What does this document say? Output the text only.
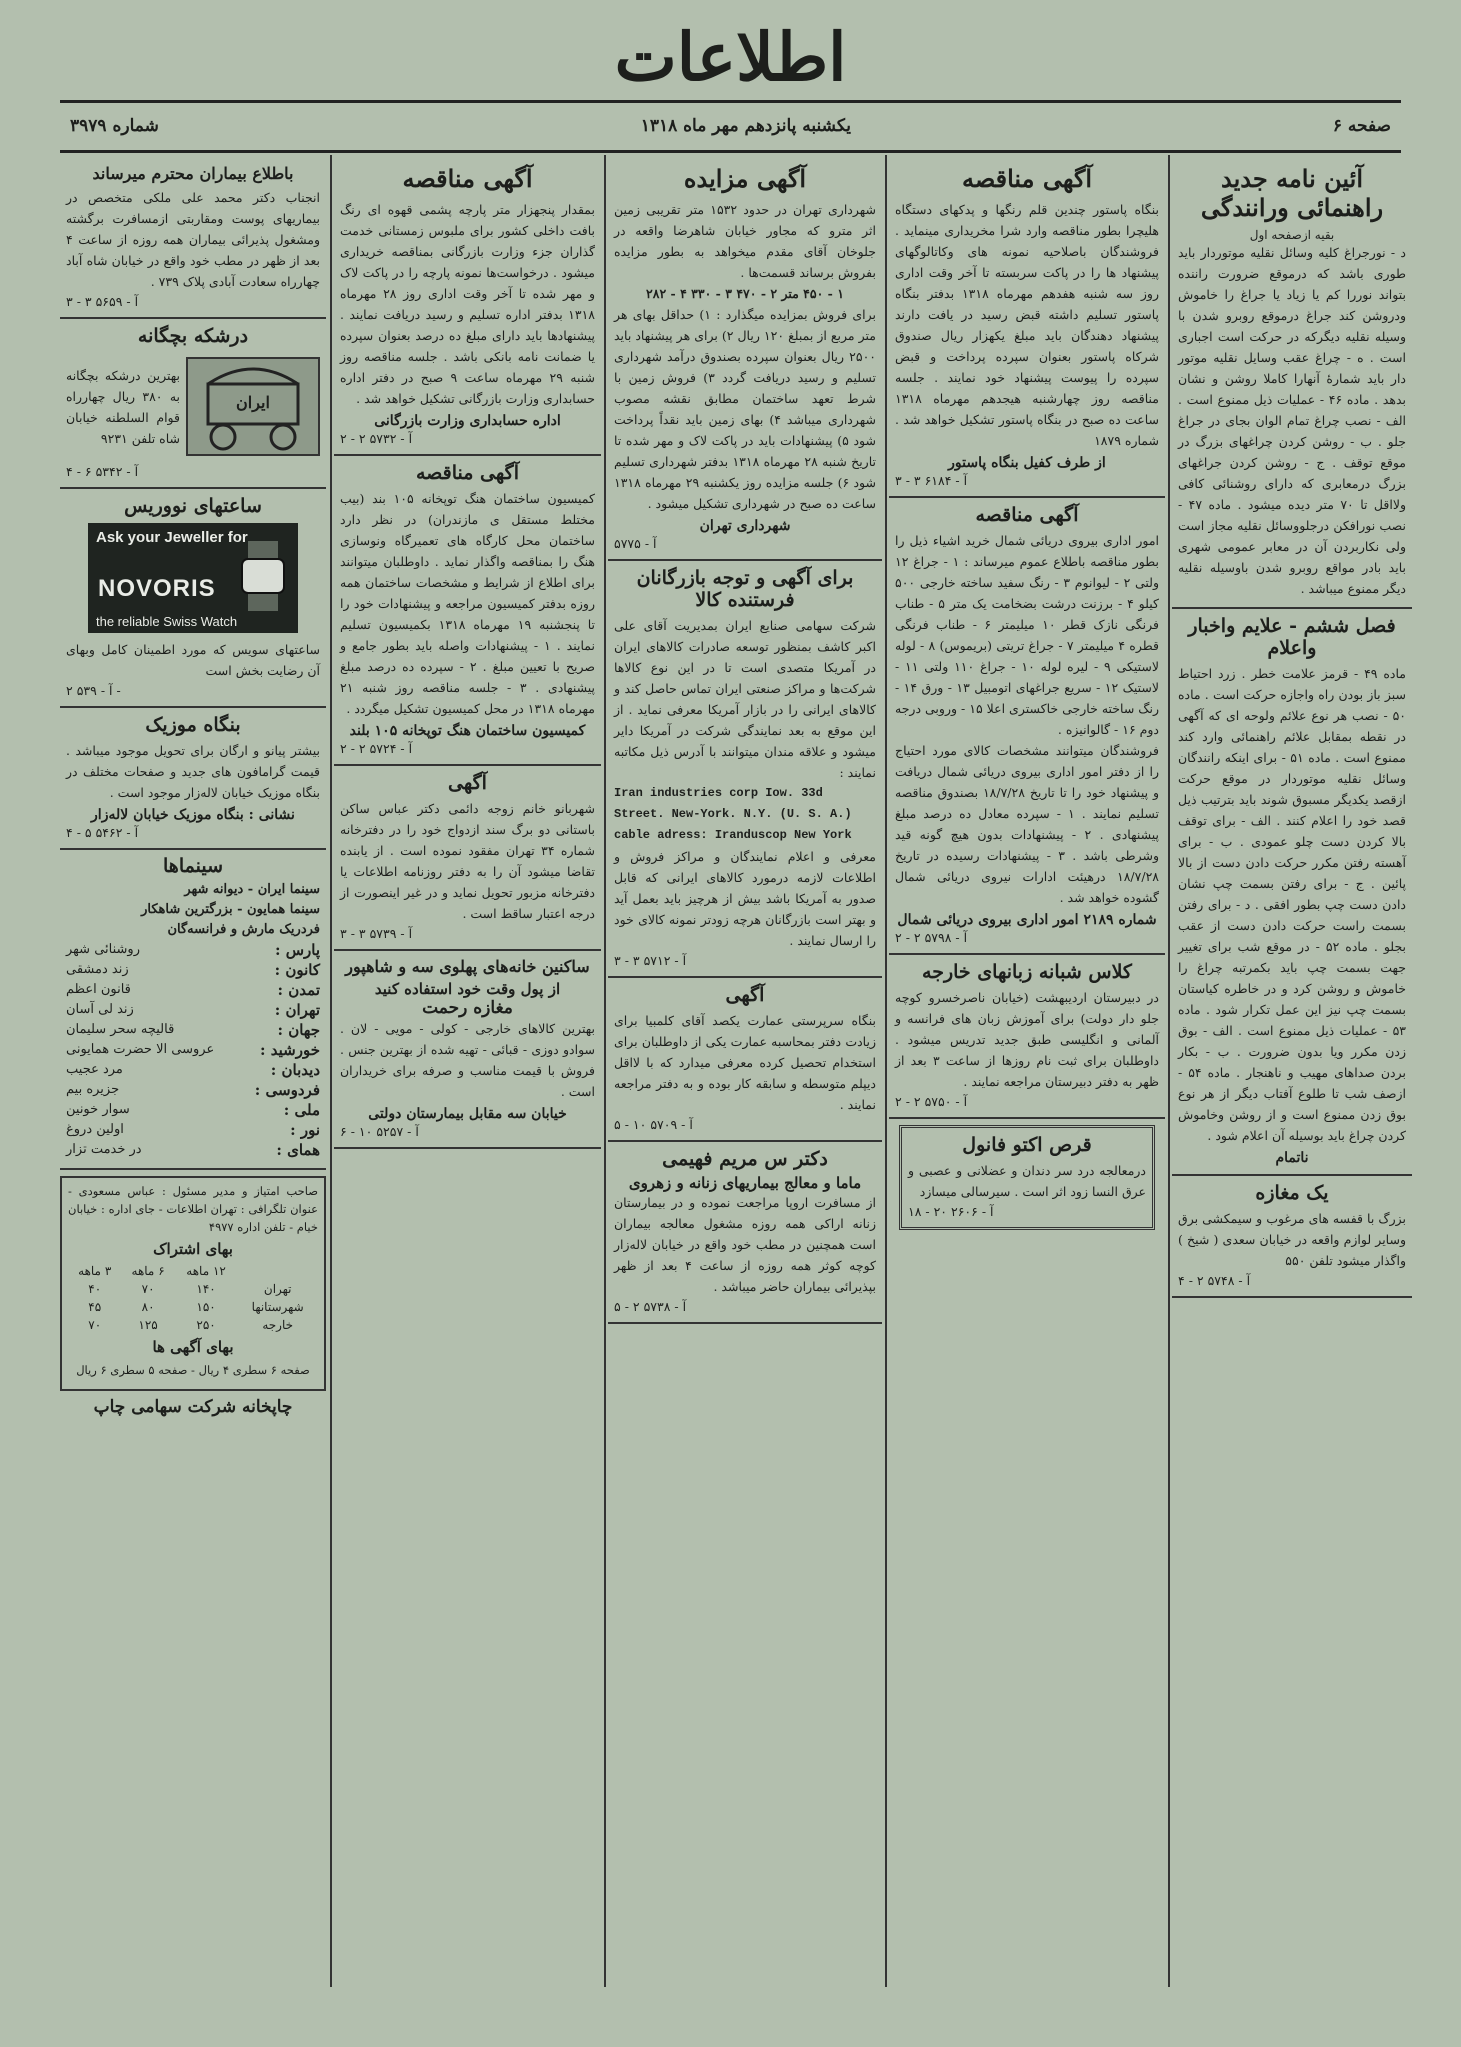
اطلاعات
صفحه ۶
یکشنبه پانزدهم مهر ماه ۱۳۱۸
شماره ۳۹۷۹
آئین نامه جدید راهنمائی ورانندگی
بقیه ازصفحه اول

د - نورجراغ کلیه وسائل نقلیه موتوردار باید طوری باشد که درموقع ضرورت راننده بتواند نوررا کم یا زیاد یا جراغ را خاموش ودروشن کند جراغ درموقع روبرو شدن با وسیله نقلیه دیگرکه در حرکت است اجباری است . ه - چراغ عقب وسایل نقلیه موتور دار باید شمارهٔ آنهارا کاملا روشن و نشان بدهد . ماده ۴۶ - عملیات ذیل ممنوع است . الف - نصب چراغ تمام الوان بجای در جراغ جلو . ب - روشن کردن چراغهای بزرگ در موقع توقف . ج - روشن کردن جراغهای بزرگ درمعابری که دارای روشنائی کافی ولااقل تا ۷۰ متر دیده میشود . ماده ۴۷ - نصب نورافکن درجلووسائل نقلیه مجاز است ولی نکاربردن آن در معابر عمومی شهری باید بادر مواقع روبرو شدن باوسیله نقلیه دیگر ممنوع میباشد .

فصل ششم - علایم واخبار واعلام

ماده ۴۹ - قرمز علامت خطر . زرد احتیاط سبز باز بودن راه واجازه حرکت است . ماده ۵۰ - نصب هر نوع علائم ولوحه ای که آگهی در نقطه بمقابل علائم راهنمائی وارد کند ممنوع است . ماده ۵۱ - برای اینکه رانندگان وسائل نقلیه موتوردار در موقع حرکت ازقصد یکدیگر مسبوق شوند باید بترتیب ذیل قصد خود را اعلام کنند . الف - برای توقف بالا کردن دست چلو عمودی . ب - برای آهسته رفتن مکرر حرکت دادن دست از بالا پائین . ج - برای رفتن بسمت چپ نشان دادن دست چپ بطور افقی . د - برای رفتن بسمت راست حرکت دادن دست از عقب بجلو . ماده ۵۲ - در موقع شب برای تغییر جهت بسمت چپ باید بکمرتبه چراغ را خاموش و روشن کرد و در خاطره کیاستان بسمت چپ نیز این عمل تکرار شود . ماده ۵۳ - عملیات ذیل ممنوع است . الف - بوق زدن مکرر ویا بدون ضرورت . ب - بکار بردن صداهای مهیب و ناهنجار . ماده ۵۴ - ازصف شب تا طلوع آفتاب دیگر از هر نوع بوق زدن ممنوع است و از روشن وخاموش کردن چراغ باید بوسیله آن اعلام شود .

ناتمام
یک مغازه

بزرگ با قفسه های مرغوب و سیمکشی برق وسایر لوازم واقعه در خیابان سعدی ( شیخ ) واگذار میشود تلفن ۵۵۰

آ - ۵۷۴۸ ۲ - ۴
آگهی مناقصه

بنگاه پاستور چندین قلم رنگها و پدکهای دستگاه هلیچرا بطور مناقصه وارد شرا مخریداری مینماید . فروشندگان باصلاحیه نمونه های وکاتالوگهای پیشنهاد ها را در پاکت سربسته تا آخر وقت اداری روز سه شنبه هفدهم مهرماه ۱۳۱۸ بدفتر بنگاه پاستور تسلیم داشته قبض رسید در یافت دارند پیشنهاد دهندگان باید مبلغ یکهزار ریال صندوق شرکاه پاستور بعنوان سپرده پرداخت و قبض سپرده را پیوست پیشنهاد خود نمایند . جلسه مناقصه روز چهارشنبه هیجدهم مهرماه ۱۳۱۸ ساعت ده صبح در بنگاه پاستور تشکیل خواهد شد . شماره ۱۸۷۹

از طرف کفیل بنگاه پاستور
آ - ۶۱۸۴ ۳ - ۳
آگهی مناقصه

امور اداری بیروی دریائی شمال خرید اشیاء ذیل را بطور مناقصه باطلاع عموم میرساند : ۱ - جراغ ۱۲ ولتی ۲ - لیوانوم ۳ - رنگ سفید ساخته خارجی ۵۰۰ کیلو ۴ - برزنت درشت بضخامت یک متر ۵ - طناب فرنگی نازک قطر ۱۰ میلیمتر ۶ - طناب فرنگی قطره ۴ میلیمتر ۷ - جراغ تریتی (بریموس) ۸ - لوله لاستیکی ۹ - لیره لوله ۱۰ - جراغ ۱۱۰ ولتی ۱۱ - لاستیک ۱۲ - سریع جراغهای اتومبیل ۱۳ - ورق ۱۴ - رنگ ساخته خارجی خاکستری اعلا ۱۵ - وروبی درجه دوم ۱۶ - گالوانیزه .

فروشندگان میتوانند مشخصات کالای مورد احتیاج را از دفتر امور اداری بیروی دریائی شمال دریافت و پیشنهاد خود را تا تاریخ ۱۸/۷/۲۸ بصندوق مناقصه تسلیم نمایند . ۱ - سپرده معادل ده درصد مبلغ پیشنهادی . ۲ - پیشنهادات بدون هیچ گونه قید وشرطی باشد . ۳ - پیشنهادات رسیده در تاریخ ۱۸/۷/۲۸ درهیئت ادارات نیروی دریائی شمال گشوده خواهد شد .

شماره ۲۱۸۹ امور اداری بیروی دریائی شمال
آ - ۵۷۹۸ ۲ - ۲
کلاس شبانه زبانهای خارجه

در دبیرستان اردیبهشت (خیابان ناصرخسرو کوچه جلو دار دولت) برای آموزش زبان های فرانسه و آلمانی و انگلیسی طبق جدید تدریس میشود . داوطلبان برای ثبت نام روزها از ساعت ۳ بعد از ظهر به دفتر دبیرستان مراجعه نمایند .

آ - ۵۷۵۰ ۲ - ۲
قرص اکتو فانول

درمعالجه درد سر دندان و عضلانی و عصبی و عرق النسا زود اثر است . سیرسالی میسازد

۱۸ - ۲۰ ۲۶۰۶ - آ
آگهی مزایده

شهرداری تهران در حدود ۱۵۳۲ متر تقریبی زمین اثر مترو که مجاور خیابان شاهرضا واقعه در جلوخان آقای مقدم میخواهد به بطور مزایده بفروش برساند قسمت‌ها .

۱ - ۴۵۰ متر ۲ - ۴۷۰ ۳ - ۳۳۰ ۴ - ۲۸۲

برای فروش بمزایده میگذارد : ۱) حداقل بهای هر متر مربع از بمبلغ ۱۲۰ ریال ۲) برای هر پیشنهاد باید ۲۵۰۰ ریال بعنوان سپرده بصندوق درآمد شهرداری تسلیم و رسید دریافت گردد ۳) فروش زمین با شرط تعهد ساختمان مطابق نقشه مصوب شهرداری میباشد ۴) بهای زمین باید نقداً پرداخت شود ۵) پیشنهادات باید در پاکت لاک و مهر شده تا تاریخ شنبه ۲۸ مهرماه ۱۳۱۸ بدفتر شهرداری تسلیم شود ۶) جلسه مزایده روز یکشنبه ۲۹ مهرماه ۱۳۱۸ ساعت ده صبح در شهرداری تشکیل میشود .

شهرداری تهران
آ - ۵۷۷۵
برای آگهی و توجه بازرگانان فرستنده کالا

شرکت سهامی صنایع ایران بمدیریت آقای علی اکبر کاشف بمنظور توسعه صادرات کالاهای ایران در آمریکا متصدی است تا در این نوع کالاها شرکت‌ها و مراکز صنعتی ایران تماس حاصل کند و کالاهای ایرانی را در بازار آمریکا معرفی نماید . از این موقع به بعد نمایندگی شرکت در آمریکا دایر میشود و علاقه مندان میتوانند با آدرس ذیل مکاتبه نمایند :

Iran industries corp Iow. 33d Street. New-York. N.Y. (U. S. A.) cable adress: Iranduscop New York

معرفی و اعلام نمایندگان و مراکز فروش و اطلاعات لازمه درمورد کالاهای ایرانی که قابل صدور به آمریکا باشد بیش از هرچیز باید بعمل آید و بهتر است بازرگانان هرچه زودتر نمونه کالای خود را ارسال نمایند .

آ - ۵۷۱۲ ۳ - ۳
آگهی

بنگاه سرپرستی عمارت یکصد آقای کلمبیا برای زیادت دفتر بمحاسبه عمارت یکی از داوطلبان برای استخدام تحصیل کرده معرفی میدارد که با لااقل دیپلم متوسطه و سابقه کار بوده و به دفتر مراجعه نمایند .

آ - ۵۷۰۹ ۱۰ - ۵
دکتر س مریم فهیمی
ماما و معالج بیماریهای زنانه و زهروی

از مسافرت اروپا مراجعت نموده و در بیمارستان زنانه اراکی همه روزه مشغول معالجه بیماران است همچنین در مطب خود واقع در خیابان لاله‌زار کوچه کوثر همه روزه از ساعت ۴ بعد از ظهر بپذیرائی بیماران حاضر میباشد .

آ - ۵۷۳۸ ۲ - ۵
آگهی مناقصه

بمقدار پنجهزار متر پارچه پشمی قهوه ای رنگ بافت داخلی کشور برای ملبوس زمستانی خدمت گذاران جزء وزارت بازرگانی بمناقصه خریداری میشود . درخواست‌ها نمونه پارچه را در پاکت لاک و مهر شده تا آخر وقت اداری روز ۲۸ مهرماه ۱۳۱۸ بدفتر اداره تسلیم و رسید دریافت نمایند . پیشنهادها باید دارای مبلغ ده درصد بعنوان سپرده یا ضمانت نامه بانکی باشد . جلسه مناقصه روز شنبه ۲۹ مهرماه ساعت ۹ صبح در دفتر اداره حسابداری وزارت بازرگانی تشکیل خواهد شد .

اداره حسابداری وزارت بازرگانی
آ - ۵۷۳۲ ۲ - ۲
آگهی مناقصه

کمیسیون ساختمان هنگ توپخانه ۱۰۵ بند (بیب مختلط مستقل ی مازندران) در نظر دارد ساختمان محل کارگاه های تعمیرگاه ونوسازی هنگ را بمناقصه واگذار نماید . داوطلبان میتوانند برای اطلاع از شرایط و مشخصات ساختمان همه روزه بدفتر کمیسیون مراجعه و پیشنهادات خود را تا پنجشنبه ۱۹ مهرماه ۱۳۱۸ بکمیسیون تسلیم نمایند . ۱ - پیشنهادات واصله باید بطور جامع و صریح با تعیین مبلغ . ۲ - سپرده ده درصد مبلغ پیشنهادی . ۳ - جلسه مناقصه روز شنبه ۲۱ مهرماه ۱۳۱۸ در محل کمیسیون تشکیل میگردد .

کمیسیون ساختمان هنگ توپخانه ۱۰۵ بلند
آ - ۵۷۲۴ ۲ - ۲
آگهی

شهربانو خانم زوجه دائمی دکتر عباس ساکن باستانی دو برگ سند ازدواج خود را در دفترخانه شماره ۳۴ تهران مفقود نموده است . از یابنده تقاضا میشود آن را به دفتر روزنامه اطلاعات یا دفترخانه مزبور تحویل نماید و در غیر اینصورت از درجه اعتبار ساقط است .

آ - ۵۷۳۹ ۳ - ۳
ساکنین خانه‌های پهلوی سه و شاهپور
از پول وقت خود استفاده کنید
مغازه رحمت

بهترین کالاهای خارجی - کولی - مویی - لان . سوادو دوزی - قبائی - تهیه شده از بهترین جنس . فروش با قیمت مناسب و صرفه برای خریداران است .

خیابان سه مقابل بیمارستان دولتی
آ - ۵۲۵۷ ۱۰ - ۶
باطلاع بیماران محترم میرساند

انجناب دکتر محمد علی ملکی متخصص در بیماریهای پوست ومقاربتی ازمسافرت برگشته ومشغول پذیرائی بیماران همه روزه از ساعت ۴ بعد از ظهر در مطب خود واقع در خیابان شاه آباد چهارراه سعادت آبادی پلاک ۷۳۹ .

آ - ۵۶۵۹ ۳ - ۳
درشکه بچگانه
ایران

بهترین درشکه بچگانه به ۳۸۰ ریال چهارراه قوام السلطنه خیابان شاه تلفن ۹۲۳۱

آ - ۵۳۴۲ ۶ - ۴
ساعتهای نووریس
Ask your Jeweller for
NOVORIS
the reliable Swiss Watch

ساعتهای سویس که مورد اطمینان کامل وبهای آن رضایت بخش است

آ - ۵۳۹ ۲ -
بنگاه موزیک

بیشتر پیانو و ارگان برای تحویل موجود میباشد . قیمت گرامافون های جدید و صفحات مختلف در بنگاه موزیک خیابان لاله‌زار موجود است .

نشانی : بنگاه موزیک خیابان لاله‌زار
آ - ۵۴۶۲ ۵ - ۴
سینماها
سینما ایران - دیوانه شهر
سینما همایون - بزرگترین شاهکار
فردریک مارش و فرانسه‌گان
پارس :
روشنائی شهر
کانون :
زند دمشقی
تمدن :
قانون اعظم
تهران :
زند لی آسان
جهان :
قالیچه سحر سلیمان
خورشید :
عروسی الا حضرت همایونی
دیدبان :
مرد عجیب
فردوسی :
جزیره بیم
ملی :
سوار خونین
نور :
اولین دروغ
همای :
در خدمت تزار

صاحب امتیاز و مدیر مسئول : عباس مسعودی - عنوان تلگرافی : تهران اطلاعات - جای اداره : خیابان خیام - تلفن اداره ۴۹۷۷

بهای اشتراک
	۱۲ ماهه	۶ ماهه	۳ ماهه
تهران	۱۴۰	۷۰	۴۰
شهرستانها	۱۵۰	۸۰	۴۵
خارجه	۲۵۰	۱۲۵	۷۰
بهای آگهی ها

صفحه ۶ سطری ۴ ریال - صفحه ۵ سطری ۶ ریال

چاپخانه شرکت سهامی چاپ
